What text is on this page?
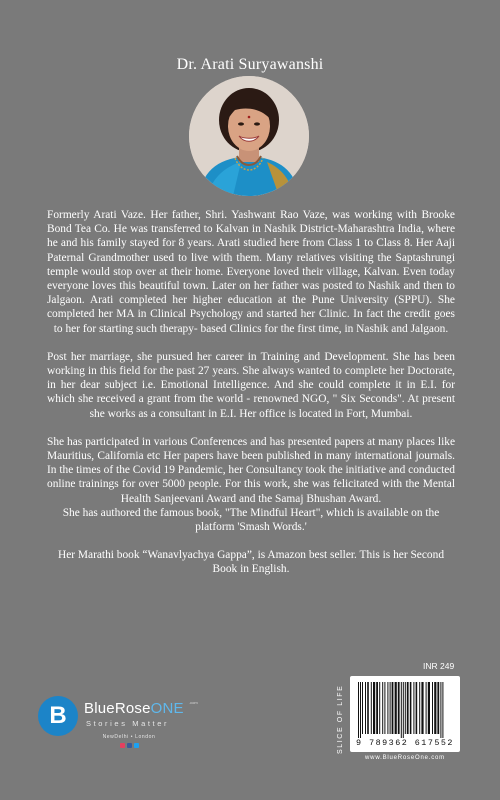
Dr. Arati Suryawanshi

Formerly Arati Vaze. Her father, Shri. Yashwant Rao Vaze, was working with Brooke Bond Tea Co. He was transferred to Kalvan in Nashik District-Maharashtra India, where he and his family stayed for 8 years. Arati studied here from Class 1 to Class 8. Her Aaji Paternal Grandmother used to live with them. Many relatives visiting the Saptashrungi temple would stop over at their home. Everyone loved their village, Kalvan. Even today everyone loves this beautiful town. Later on her father was posted to Nashik and then to Jalgaon. Arati completed her higher education at the Pune University (SPPU). She completed her MA in Clinical Psychology and started her Clinic. In fact the credit goes to her for starting such therapy- based Clinics for the first time, in Nashik and Jalgaon.

Post her marriage, she pursued her career in Training and Development. She has been working in this field for the past 27 years. She always wanted to complete her Doctorate, in her dear subject i.e. Emotional Intelligence. And she could complete it in E.I. for which she received a grant from the world - renowned NGO, " Six Seconds". At present she works as a consultant in E.I. Her office is located in Fort, Mumbai.

She has participated in various Conferences and has presented papers at many places like Mauritius, California etc Her papers have been published in many international journals. In the times of the Covid 19 Pandemic, her Consultancy took the initiative and conducted online trainings for over 5000 people. For this work, she was felicitated with the Mental Health Sanjeevani Award and the Samaj Bhushan Award.

She has authored the famous book, "The Mindful Heart", which is available on the platform 'Smash Words.'

Her Marathi book “Wanavlyachya Gappa”, is Amazon best seller. This is her Second Book in English.

B	BlueRoseONE .com
Stories Matter
NewDelhi • London
INR 249
SLICE OF LIFE	9 789362 617552
www.BlueRoseOne.com
